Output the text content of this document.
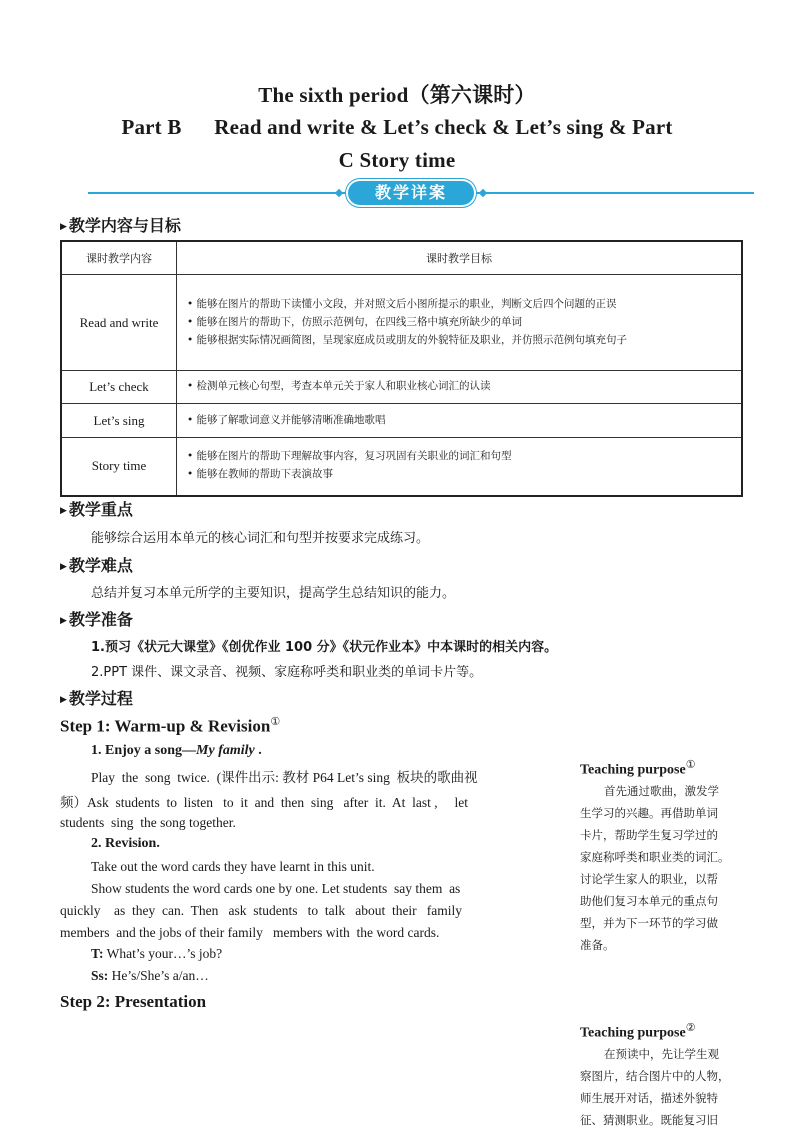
The sixth period（第六课时）
Part B      Read and write & Let’s check & Let’s sing & Part
C Story time
教学详案
▶ 教学内容与目标
课时教学内容	课时教学目标
Read and write	• 能够在图片的帮助下读懂小文段，并对照文后小图所提示的职业，判断文后四个问题的正误
• 能够在图片的帮助下，仿照示范例句，在四线三格中填充所缺少的单词
• 能够根据实际情况画简图，呈现家庭成员或朋友的外貌特征及职业，并仿照示范例句填充句子

Let’s check	• 检测单元核心句型，考查本单元关于家人和职业核心词汇的认读

Let’s sing	• 能够了解歌词意义并能够清晰准确地歌唱

Story time	• 能够在图片的帮助下理解故事内容，复习巩固有关职业的词汇和句型
• 能够在教师的帮助下表演故事
▶ 教学重点
能够综合运用本单元的核心词汇和句型并按要求完成练习。
▶ 教学难点
总结并复习本单元所学的主要知识，提高学生总结知识的能力。
▶ 教学准备
1.预习《状元大课堂》《创优作业 100 分》《状元作业本》中本课时的相关内容。
2.PPT 课件、课文录音、视频、家庭称呼类和职业类的单词卡片等。
▶ 教学过程
Step 1: Warm-up & Revision①
1. Enjoy a song—My family .
Play  the  song  twice.  (课件出示: 教材 P64 Let’s sing  板块的歌曲视
频）Ask  students  to  listen   to  it  and  then  sing   after  it.  At  last ,     let
students  sing  the song together.
2. Revision.
Take out the word cards they have learnt in this unit.
Show students the word cards one by one. Let students  say them  as
quickly    as  they  can.  Then   ask  students   to  talk   about  their   family
members  and the jobs of their family   members with  the word cards.
T: What’s your…’s job?
Ss: He’s/She’s a/an…
Step 2: Presentation
Teaching purpose①
首先通过歌曲，激发学
生学习的兴趣。再借助单词
卡片，帮助学生复习学过的
家庭称呼类和职业类的词汇。
讨论学生家人的职业，以帮
助他们复习本单元的重点句
型，并为下一环节的学习做
准备。
Teaching purpose②
在预读中，先让学生观
察图片，结合图片中的人物，
师生展开对话，描述外貌特
征、猜测职业。既能复习旧
